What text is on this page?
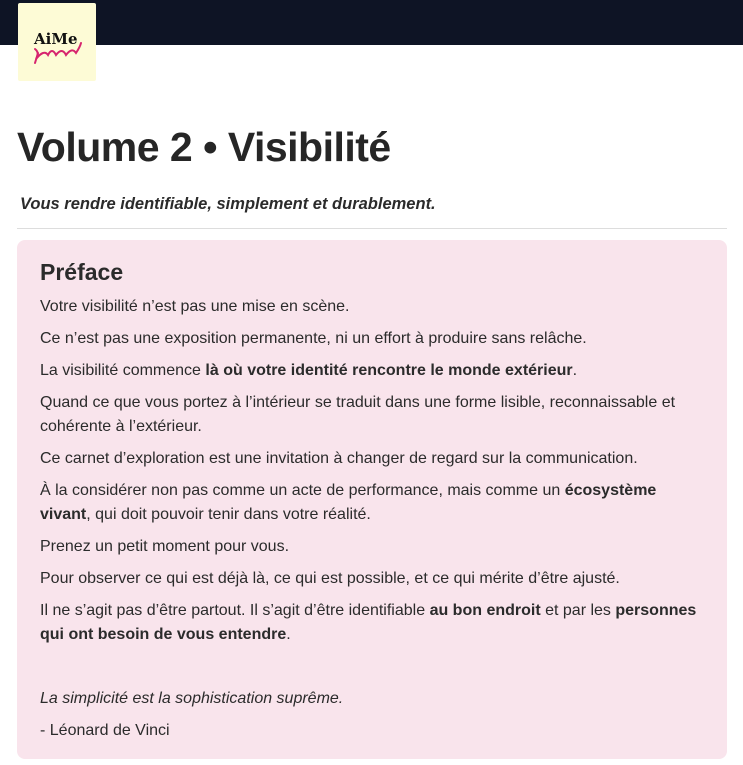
AiMe
Volume 2 • Visibilité

Vous rendre identifiable, simplement et durablement.

Préface

Votre visibilité n’est pas une mise en scène.

Ce n’est pas une exposition permanente, ni un effort à produire sans relâche.

La visibilité commence là où votre identité rencontre le monde extérieur.

Quand ce que vous portez à l’intérieur se traduit dans une forme lisible, reconnaissable et cohérente à l’extérieur.

Ce carnet d’exploration est une invitation à changer de regard sur la communication.

À la considérer non pas comme un acte de performance, mais comme un écosystème vivant, qui doit pouvoir tenir dans votre réalité.

Prenez un petit moment pour vous.

Pour observer ce qui est déjà là, ce qui est possible, et ce qui mérite d’être ajusté.

Il ne s’agit pas d’être partout. Il s’agit d’être identifiable au bon endroit et par les personnes qui ont besoin de vous entendre.

La simplicité est la sophistication suprême.

- Léonard de Vinci
